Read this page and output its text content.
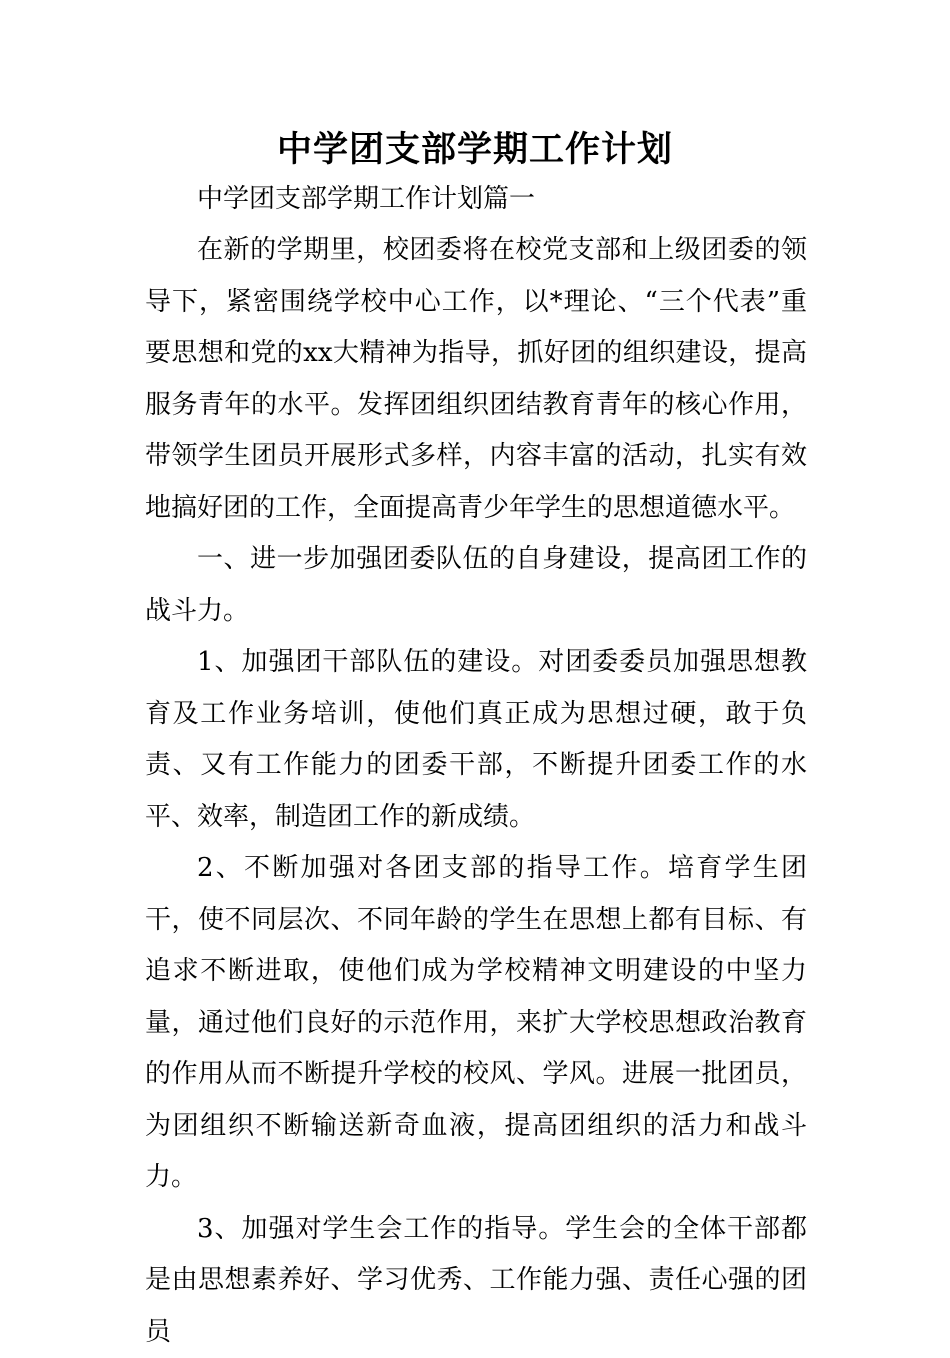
中学团支部学期工作计划

中学团支部学期工作计划篇一

在新的学期里，校团委将在校党支部和上级团委的领导下，紧密围绕学校中心工作，以*理论、“三个代表”重要思想和党的xx大精神为指导，抓好团的组织建设，提高服务青年的水平。发挥团组织团结教育青年的核心作用，带领学生团员开展形式多样，内容丰富的活动，扎实有效地搞好团的工作，全面提高青少年学生的思想道德水平。

一、进一步加强团委队伍的自身建设，提高团工作的战斗力。

1、加强团干部队伍的建设。对团委委员加强思想教育及工作业务培训，使他们真正成为思想过硬，敢于负责、又有工作能力的团委干部，不断提升团委工作的水平、效率，制造团工作的新成绩。

2、不断加强对各团支部的指导工作。培育学生团干，使不同层次、不同年龄的学生在思想上都有目标、有追求不断进取，使他们成为学校精神文明建设的中坚力量，通过他们良好的示范作用，来扩大学校思想政治教育的作用从而不断提升学校的校风、学风。进展一批团员，为团组织不断输送新奇血液，提高团组织的活力和战斗力。

3、加强对学生会工作的指导。学生会的全体干部都是由思想素养好、学习优秀、工作能力强、责任心强的团员
